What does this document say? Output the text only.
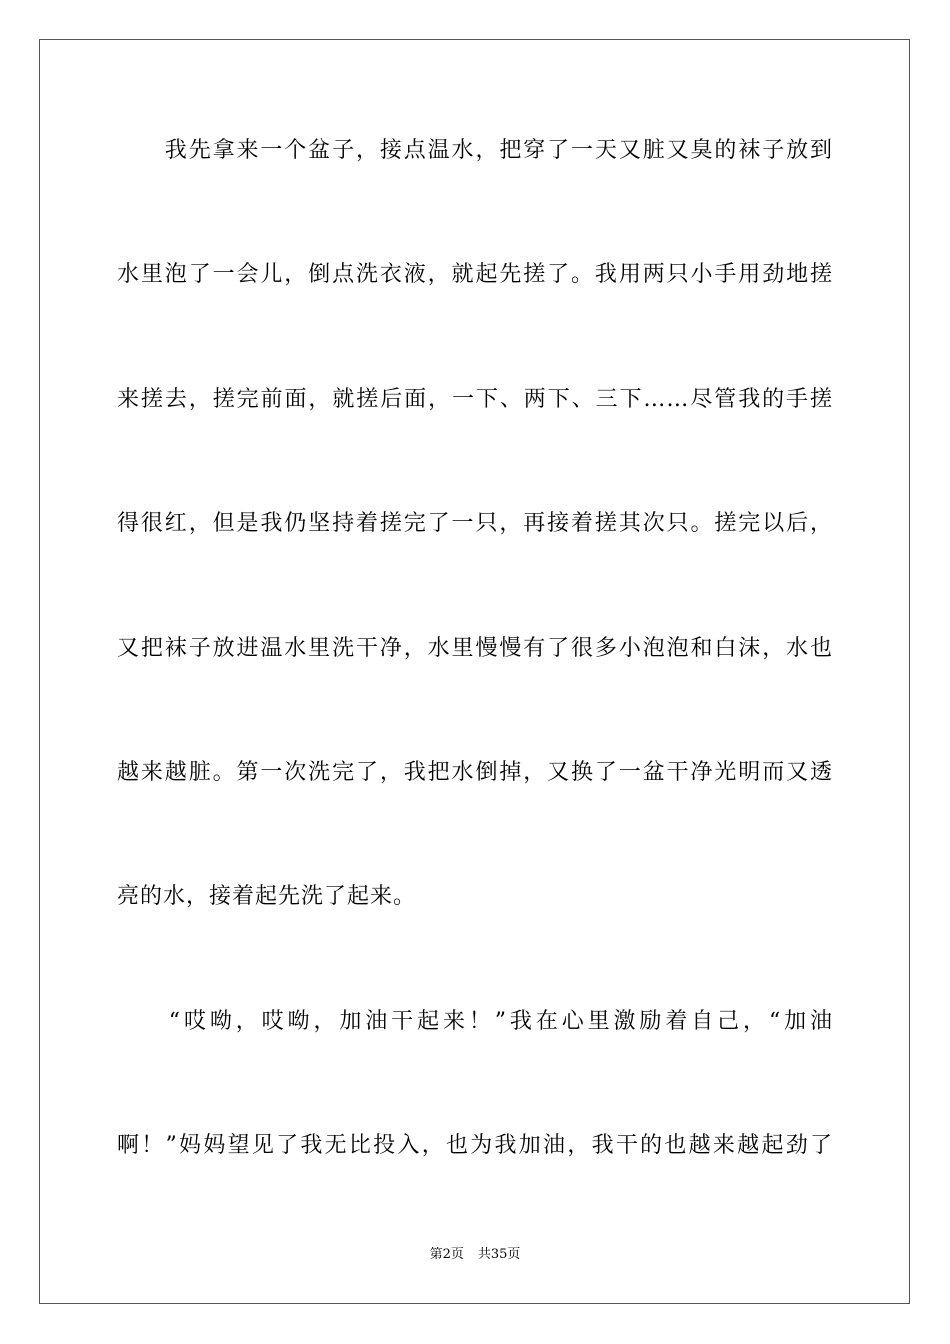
　　我先拿来一个盆子，接点温水，把穿了一天又脏又臭的袜子放到
水里泡了一会儿，倒点洗衣液，就起先搓了。我用两只小手用劲地搓
来搓去，搓完前面，就搓后面，一下、两下、三下……尽管我的手搓
得很红，但是我仍坚持着搓完了一只，再接着搓其次只。搓完以后，
又把袜子放进温水里洗干净，水里慢慢有了很多小泡泡和白沫，水也
越来越脏。第一次洗完了，我把水倒掉，又换了一盆干净光明而又透
亮的水，接着起先洗了起来。
　　“哎呦，哎呦，加油干起来！”我在心里激励着自己，“加油
啊！”妈妈望见了我无比投入，也为我加油，我干的也越来越起劲了
第2页 共35页
